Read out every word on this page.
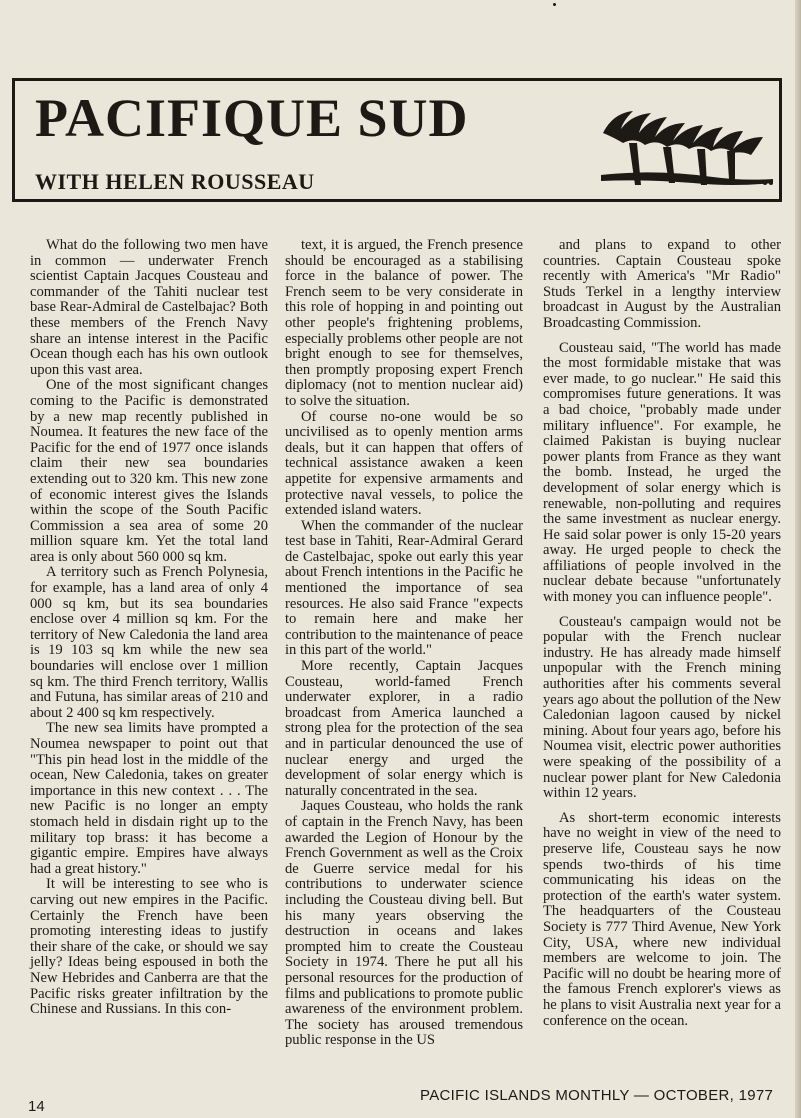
PACIFIQUE SUD
WITH HELEN ROUSSEAU

What do the following two men have in common — underwater French scientist Captain Jacques Cousteau and commander of the Tahiti nuclear test base Rear-Admiral de Castelbajac? Both these members of the French Navy share an intense interest in the Pacific Ocean though each has his own outlook upon this vast area.

One of the most significant changes coming to the Pacific is demonstrated by a new map recently published in Noumea. It features the new face of the Pacific for the end of 1977 once islands claim their new sea boundaries extending out to 320 km. This new zone of economic interest gives the Islands within the scope of the South Pacific Commission a sea area of some 20 million square km. Yet the total land area is only about 560 000 sq km.

A territory such as French Polynesia, for example, has a land area of only 4 000 sq km, but its sea boundaries enclose over 4 million sq km. For the territory of New Caledonia the land area is 19 103 sq km while the new sea boundaries will enclose over 1 million sq km. The third French territory, Wallis and Futuna, has similar areas of 210 and about 2 400 sq km respectively.

The new sea limits have prompted a Noumea newspaper to point out that "This pin head lost in the middle of the ocean, New Caledonia, takes on greater importance in this new context . . . The new Pacific is no longer an empty stomach held in disdain right up to the military top brass: it has become a gigantic empire. Empires have always had a great history."

It will be interesting to see who is carving out new empires in the Pacific. Certainly the French have been promoting interesting ideas to justify their share of the cake, or should we say jelly? Ideas being espoused in both the New Hebrides and Canberra are that the Pacific risks greater infiltration by the Chinese and Russians. In this con-

text, it is argued, the French presence should be encouraged as a stabilising force in the balance of power. The French seem to be very considerate in this role of hopping in and pointing out other people's frightening problems, especially problems other people are not bright enough to see for themselves, then promptly proposing expert French diplomacy (not to mention nuclear aid) to solve the situation.

Of course no-one would be so uncivilised as to openly mention arms deals, but it can happen that offers of technical assistance awaken a keen appetite for expensive armaments and protective naval vessels, to police the extended island waters.

When the commander of the nuclear test base in Tahiti, Rear-Admiral Gerard de Castelbajac, spoke out early this year about French intentions in the Pacific he mentioned the importance of sea resources. He also said France "expects to remain here and make her contribution to the maintenance of peace in this part of the world."

More recently, Captain Jacques Cousteau, world-famed French underwater explorer, in a radio broadcast from America launched a strong plea for the protection of the sea and in particular denounced the use of nuclear energy and urged the development of solar energy which is naturally concentrated in the sea.

Jaques Cousteau, who holds the rank of captain in the French Navy, has been awarded the Legion of Honour by the French Government as well as the Croix de Guerre service medal for his contributions to underwater science including the Cousteau diving bell. But his many years observing the destruction in oceans and lakes prompted him to create the Cousteau Society in 1974. There he put all his personal resources for the production of films and publications to promote public awareness of the environment problem. The society has aroused tremendous public response in the US

and plans to expand to other countries. Captain Cousteau spoke recently with America's "Mr Radio" Studs Terkel in a lengthy interview broadcast in August by the Australian Broadcasting Commission.

Cousteau said, "The world has made the most formidable mistake that was ever made, to go nuclear." He said this compromises future generations. It was a bad choice, "probably made under military influence". For example, he claimed Pakistan is buying nuclear power plants from France as they want the bomb. Instead, he urged the development of solar energy which is renewable, non-polluting and requires the same investment as nuclear energy. He said solar power is only 15-20 years away. He urged people to check the affiliations of people involved in the nuclear debate because "unfortunately with money you can influence people".

Cousteau's campaign would not be popular with the French nuclear industry. He has already made himself unpopular with the French mining authorities after his comments several years ago about the pollution of the New Caledonian lagoon caused by nickel mining. About four years ago, before his Noumea visit, electric power authorities were speaking of the possibility of a nuclear power plant for New Caledonia within 12 years.

As short-term economic interests have no weight in view of the need to preserve life, Cousteau says he now spends two-thirds of his time communicating his ideas on the protection of the earth's water system. The headquarters of the Cousteau Society is 777 Third Avenue, New York City, USA, where new individual members are welcome to join. The Pacific will no doubt be hearing more of the famous French explorer's views as he plans to visit Australia next year for a conference on the ocean.

14
PACIFIC ISLANDS MONTHLY — OCTOBER, 1977
